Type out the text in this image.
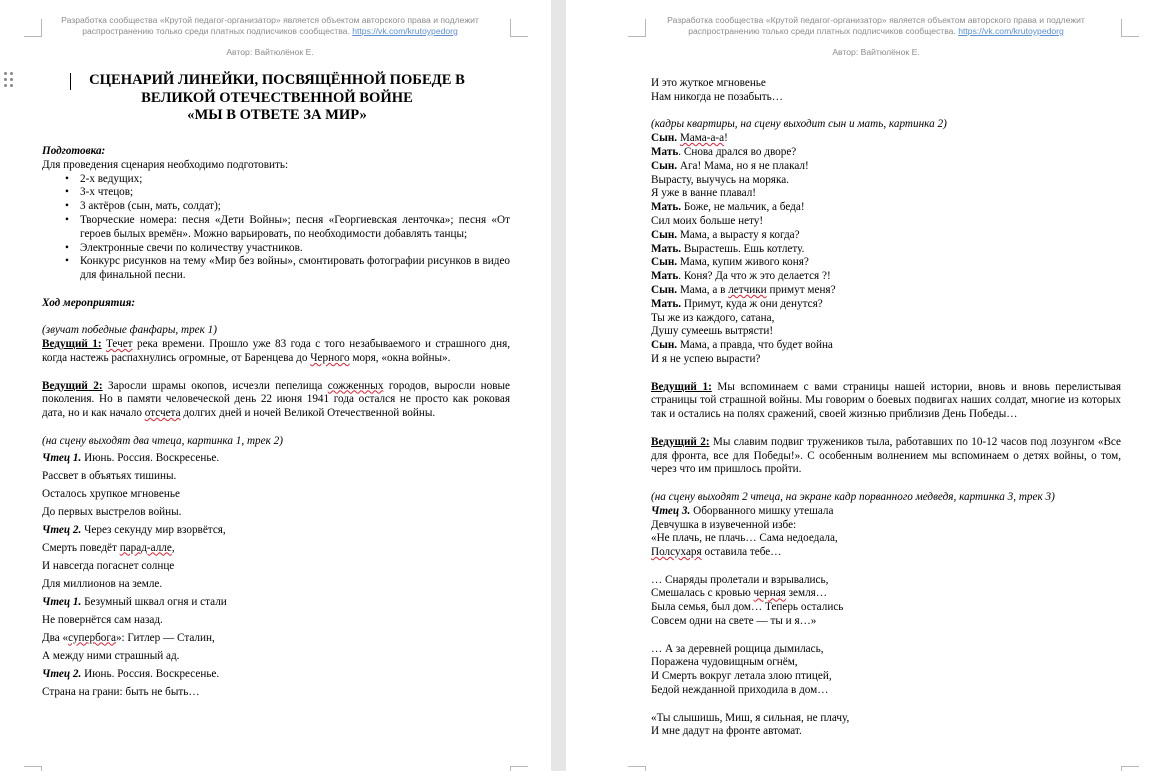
Разработка сообщества «Крутой педагог-организатор» является объектом авторского права и подлежит
распространению только среди платных подписчиков сообщества. https://vk.com/krutoypedorg
Автор: Вайтюлёнок Е.
СЦЕНАРИЙ ЛИНЕЙКИ, ПОСВЯЩЁННОЙ ПОБЕДЕ В
ВЕЛИКОЙ ОТЕЧЕСТВЕННОЙ ВОЙНЕ
«МЫ В ОТВЕТЕ ЗА МИР»

Подготовка:

Для проведения сценария необходимо подготовить:

• 2-х ведущих;
• 3-х чтецов;
• 3 актёров (сын, мать, солдат);
• Творческие номера: песня «Дети Войны»; песня «Георгиевская ленточка»; песня «От героев былых времён». Можно варьировать, по необходимости добавлять танцы;
• Электронные свечи по количеству участников.
• Конкурс рисунков на тему «Мир без войны», смонтировать фотографии рисунков в видео для финальной песни.

Ход мероприятия:

(звучат победные фанфары, трек 1)

Ведущий 1: Течет река времени. Прошло уже 83 года с того незабываемого и страшного дня, когда настежь распахнулись огромные, от Баренцева до Черного моря, «окна войны».

Ведущий 2: Заросли шрамы окопов, исчезли пепелища сожженных городов, выросли новые поколения. Но в памяти человеческой день 22 июня 1941 года остался не просто как роковая дата, но и как начало отсчета долгих дней и ночей Великой Отечественной войны.

(на сцену выходят два чтеца, картинка 1, трек 2)

Чтец 1. Июнь. Россия. Воскресенье.

Рассвет в объятьях тишины.

Осталось хрупкое мгновенье

До первых выстрелов войны.

Чтец 2. Через секунду мир взорвётся,

Смерть поведёт парад-алле,

И навсегда погаснет солнце

Для миллионов на земле.

Чтец 1. Безумный шквал огня и стали

Не повернётся сам назад.

Два «супербога»: Гитлер — Сталин,

А между ними страшный ад.

Чтец 2. Июнь. Россия. Воскресенье.

Страна на грани: быть не быть…

Разработка сообщества «Крутой педагог-организатор» является объектом авторского права и подлежит
распространению только среди платных подписчиков сообщества. https://vk.com/krutoypedorg
Автор: Вайтюлёнок Е.

И это жуткое мгновенье

Нам никогда не позабыть…

(кадры квартиры, на сцену выходит сын и мать, картинка 2)

Сын. Мама-а-а!

Мать. Снова дрался во дворе?

Сын. Ага! Мама, но я не плакал!

Вырасту, выучусь на моряка.

Я уже в ванне плавал!

Мать. Боже, не мальчик, а беда!

Сил моих больше нету!

Сын. Мама, а вырасту я когда?

Мать. Вырастешь. Ешь котлету.

Сын. Мама, купим живого коня?

Мать. Коня? Да что ж это делается ?!

Сын. Мама, а в летчики примут меня?

Мать. Примут, куда ж они денутся?

Ты же из каждого, сатана,

Душу сумеешь вытрясти!

Сын. Мама, а правда, что будет война

И я не успею вырасти?

Ведущий 1: Мы вспоминаем с вами страницы нашей истории, вновь и вновь перелистывая страницы той страшной войны. Мы говорим о боевых подвигах наших солдат, многие из которых так и остались на полях сражений, своей жизнью приблизив День Победы…

Ведущий 2: Мы славим подвиг тружеников тыла, работавших по 10-12 часов под лозунгом «Все для фронта, все для Победы!». С особенным волнением мы вспоминаем о детях войны, о том, через что им пришлось пройти.

(на сцену выходят 2 чтеца, на экране кадр порванного медведя, картинка 3, трек 3)

Чтец 3. Оборванного мишку утешала

Девчушка в изувеченной избе:

«Не плачь, не плачь… Сама недоедала,

Полсухаря оставила тебе…

… Снаряды пролетали и взрывались,

Смешалась с кровью черная земля…

Была семья, был дом… Теперь остались

Совсем одни на свете — ты и я…»

… А за деревней рощица дымилась,

Поражена чудовищным огнём,

И Смерть вокруг летала злою птицей,

Бедой нежданной приходила в дом…

«Ты слышишь, Миш, я сильная, не плачу,

И мне дадут на фронте автомат.
